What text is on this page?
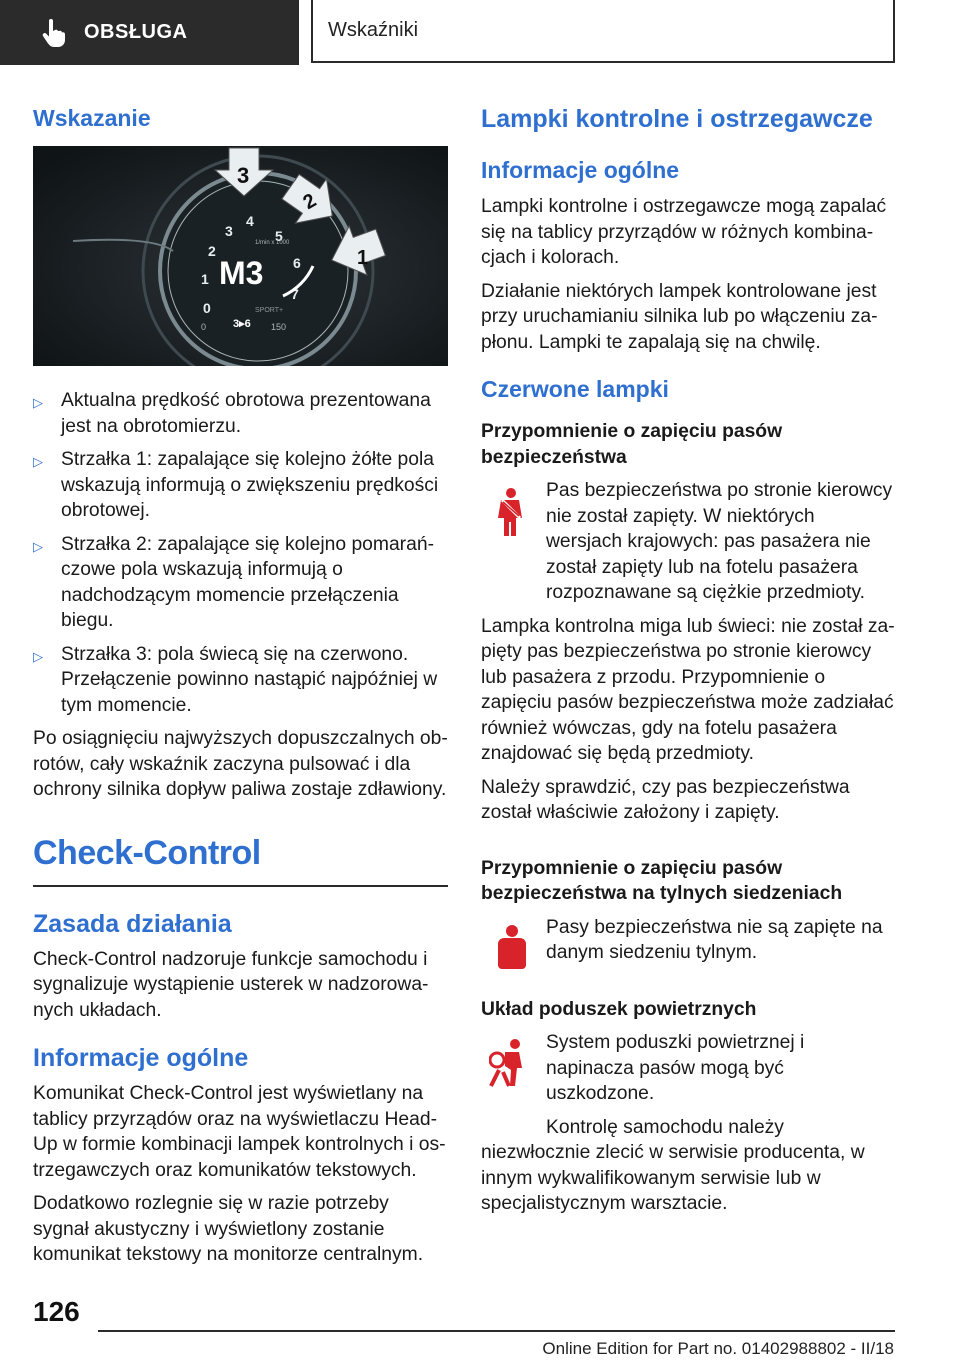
OBSŁUGA	Wskaźniki
Wskazanie
0
1
2
3
4
5
6
7
1/min x 1000
M3
SPORT+
0 3▸6 150
3
2
1
▷ Aktualna prędkość obrotowa prezentowana jest na obrotomierzu.
▷ Strzałka 1: zapalające się kolejno żółte pola wskazują informują o zwiększeniu prędkości obrotowej.
▷ Strzałka 2: zapalające się kolejno pomarańczowe pola wskazują informują o nadchodzącym momencie przełączenia biegu.
▷ Strzałka 3: pola świecą się na czerwono. Przełączenie powinno nastąpić najpóźniej w tym momencie.

Po osiągnięciu najwyższych dopuszczalnych obrotów, cały wskaźnik zaczyna pulsować i dla ochrony silnika dopływ paliwa zostaje zdławiony.

Check-Control
Zasada działania

Check-Control nadzoruje funkcje samochodu i sygnalizuje wystąpienie usterek w nadzorowanych układach.

Informacje ogólne

Komunikat Check-Control jest wyświetlany na tablicy przyrządów oraz na wyświetlaczu Head-Up w formie kombinacji lampek kontrolnych i ostrzegawczych oraz komunikatów tekstowych.

Dodatkowo rozlegnie się w razie potrzeby sygnał akustyczny i wyświetlony zostanie komunikat tekstowy na monitorze centralnym.

Lampki kontrolne i ostrzegawcze
Informacje ogólne

Lampki kontrolne i ostrzegawcze mogą zapalać się na tablicy przyrządów w różnych kombinacjach i kolorach.

Działanie niektórych lampek kontrolowane jest przy uruchamianiu silnika lub po włączeniu zapłonu. Lampki te zapalają się na chwilę.

Czerwone lampki
Przypomnienie o zapięciu pasów bezpieczeństwa

Pas bezpieczeństwa po stronie kierowcy nie został zapięty. W niektórych wersjach krajowych: pas pasażera nie został zapięty lub na fotelu pasażera rozpoznawane są ciężkie przedmioty.

Lampka kontrolna miga lub świeci: nie został zapięty pas bezpieczeństwa po stronie kierowcy lub pasażera z przodu. Przypomnienie o zapięciu pasów bezpieczeństwa może zadziałać również wówczas, gdy na fotelu pasażera znajdować się będą przedmioty.

Należy sprawdzić, czy pas bezpieczeństwa został właściwie założony i zapięty.

Przypomnienie o zapięciu pasów bezpieczeństwa na tylnych siedzeniach

Pasy bezpieczeństwa nie są zapięte na danym siedzeniu tylnym.

Układ poduszek powietrznych

System poduszki powietrznej i napinacza pasów mogą być uszkodzone.

Kontrolę samochodu należy niezwłocznie zlecić w serwisie producenta, w innym wykwalifikowanym serwisie lub w specjalistycznym warsztacie.

126
Online Edition for Part no. 01402988802 - II/18
